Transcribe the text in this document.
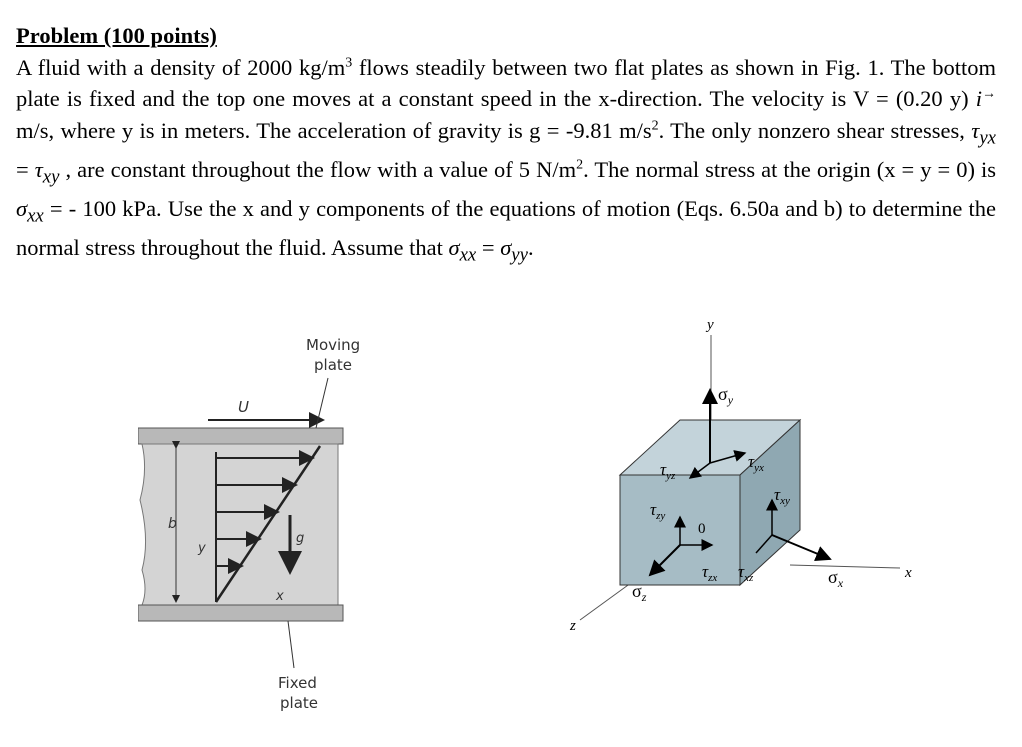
Problem (100 points)

A fluid with a density of 2000 $kg/m^3$ flows steadily between two flat plates as shown in Fig. 1. The bottom plate is fixed and the top one moves at a constant speed in the x-direction. The velocity is V = (0.20 y) i→ m/s, where y is in meters. The acceleration of gravity is g = -9.81 $m/s^2$. The only nonzero shear stresses, $\tau_{yx} = \tau_{xy}$ , are constant throughout the flow with a value of 5 $N/m^2$. The normal stress at the origin (x = y = 0) is $\sigma_{xx}$ = - 100 kPa. Use the x and y components of the equations of motion (Eqs. 6.50a and b) to determine the normal stress throughout the fluid. Assume that $\sigma_{xx} = \sigma_{yy}$.

Moving
plate
U
b
y
x
g
Fixed
plate
y
x
z
$\sigma_y$
$\tau_{yx}$
$\tau_{yz}$
$\tau_{xy}$
$\tau_{zy}$
0
$\tau_{zx}$ $\tau_{xz}$	$\sigma_x$
$\sigma_z$
